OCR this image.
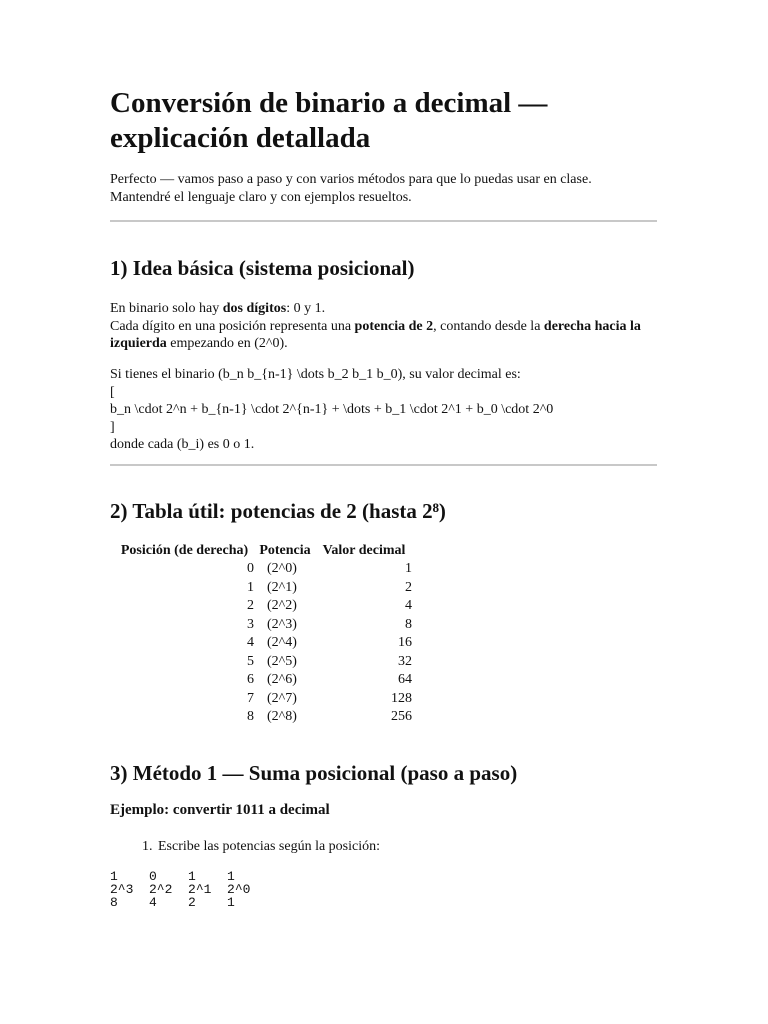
Conversión de binario a decimal — explicación detallada
Perfecto — vamos paso a paso y con varios métodos para que lo puedas usar en clase.
Mantendré el lenguaje claro y con ejemplos resueltos.
1) Idea básica (sistema posicional)
En binario solo hay dos dígitos: 0 y 1.
Cada dígito en una posición representa una potencia de 2, contando desde la derecha hacia la izquierda empezando en (2^0).
Si tienes el binario (b_n b_{n-1} \dots b_2 b_1 b_0), su valor decimal es:
[
b_n \cdot 2^n + b_{n-1} \cdot 2^{n-1} + \dots + b_1 \cdot 2^1 + b_0 \cdot 2^0
]
donde cada (b_i) es 0 o 1.
2) Tabla útil: potencias de 2 (hasta 2⁸)
Posición (de derecha)	Potencia	Valor decimal
0	(2^0)	1
1	(2^1)	2
2	(2^2)	4
3	(2^3)	8
4	(2^4)	16
5	(2^5)	32
6	(2^6)	64
7	(2^7)	128
8	(2^8)	256
3) Método 1 — Suma posicional (paso a paso)
Ejemplo: convertir 1011 a decimal
1. Escribe las potencias según la posición:
1    0    1    1
2^3  2^2  2^1  2^0
8    4    2    1
